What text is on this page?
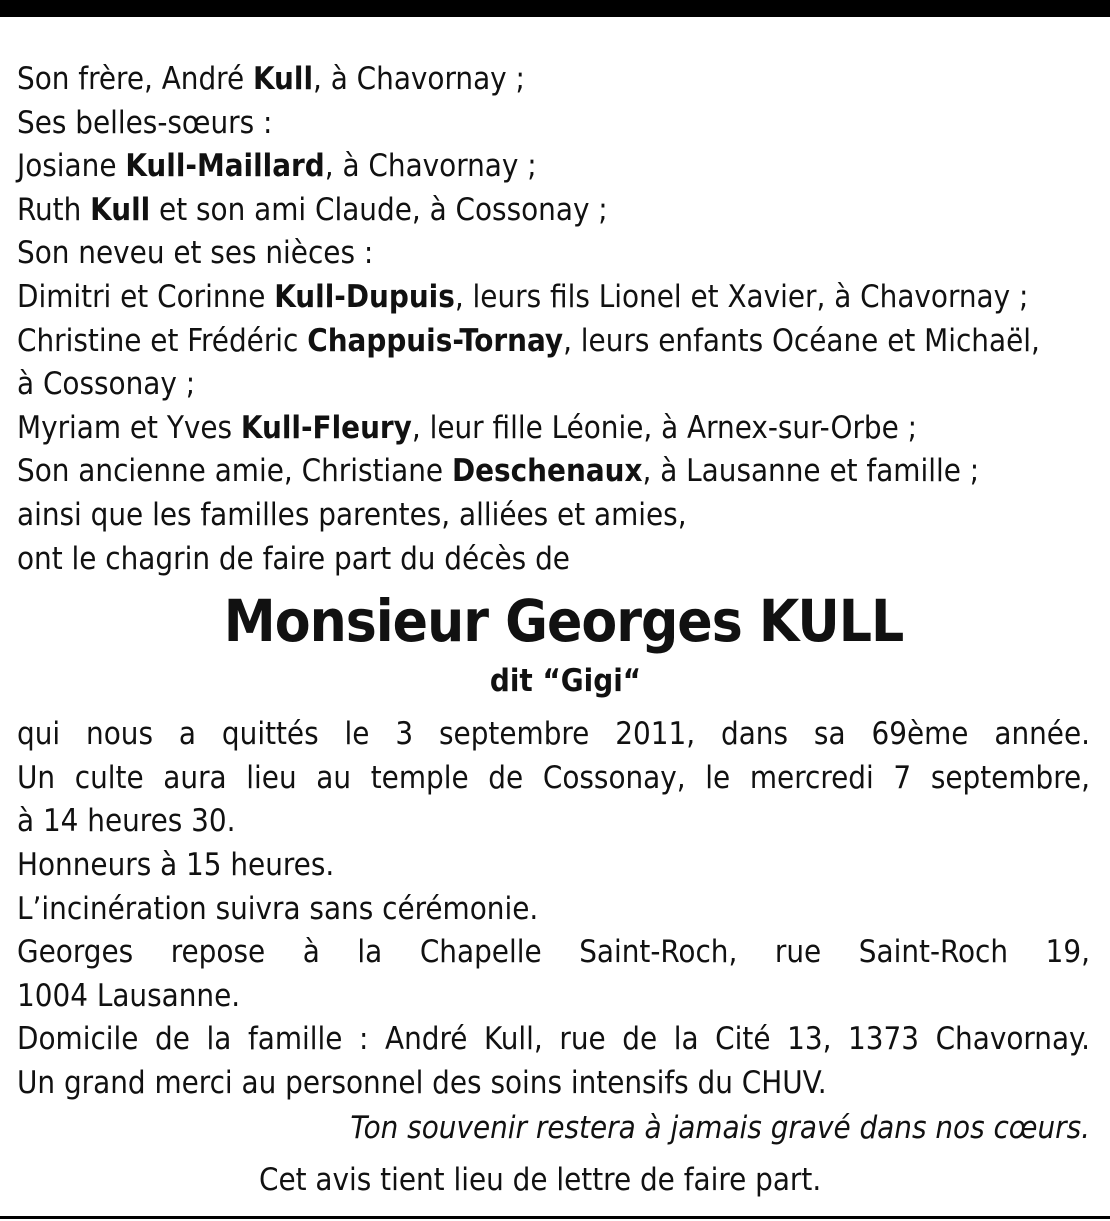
Son frère, André Kull, à Chavornay ;
Ses belles-sœurs :
Josiane Kull-Maillard, à Chavornay ;
Ruth Kull et son ami Claude, à Cossonay ;
Son neveu et ses nièces :
Dimitri et Corinne Kull-Dupuis, leurs fils Lionel et Xavier, à Chavornay ;
Christine et Frédéric Chappuis-Tornay, leurs enfants Océane et Michaël,
à Cossonay ;
Myriam et Yves Kull-Fleury, leur fille Léonie, à Arnex-sur-Orbe ;
Son ancienne amie, Christiane Deschenaux, à Lausanne et famille ;
ainsi que les familles parentes, alliées et amies,
ont le chagrin de faire part du décès de
Monsieur Georges KULL
dit “Gigi“
qui nous a quittés le 3 septembre 2011, dans sa 69ème année.
Un culte aura lieu au temple de Cossonay, le mercredi 7 septembre,
à 14 heures 30.
Honneurs à 15 heures.
L’incinération suivra sans cérémonie.
Georges repose à la Chapelle Saint-Roch, rue Saint-Roch 19,
1004 Lausanne.
Domicile de la famille : André Kull, rue de la Cité 13, 1373 Chavornay.
Un grand merci au personnel des soins intensifs du CHUV.
Ton souvenir restera à jamais gravé dans nos cœurs.
Cet avis tient lieu de lettre de faire part.
